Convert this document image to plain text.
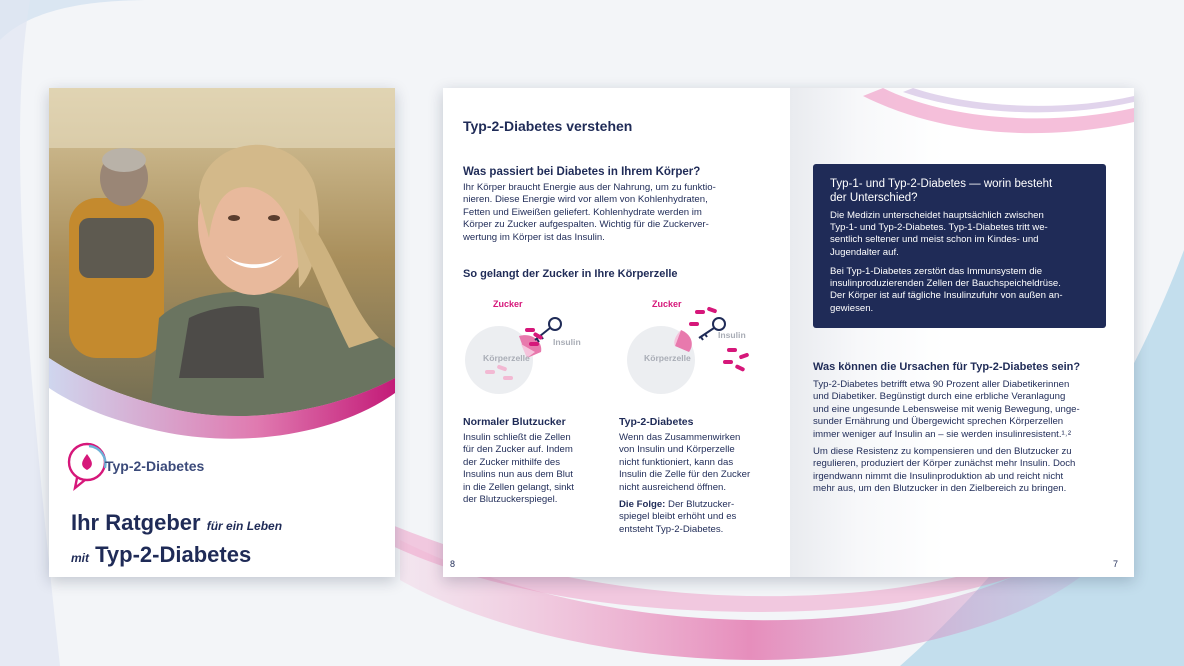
Typ-2-Diabetes
Ihr Ratgeber für ein Leben
mit Typ-2-Diabetes
Typ-2-Diabetes verstehen
Was passiert bei Diabetes in Ihrem Körper?
Ihr Körper braucht Energie aus der Nahrung, um zu funktio-
nieren. Diese Energie wird vor allem von Kohlenhydraten,
Fetten und Eiweißen geliefert. Kohlenhydrate werden im
Körper zu Zucker aufgespalten. Wichtig für die Zuckerver-
wertung im Körper ist das Insulin.
So gelangt der Zucker in Ihre Körperzelle
Zucker
Körperzelle
Insulin
Zucker
Körperzelle
Insulin
Normaler Blutzucker
Insulin schließt die Zellen
für den Zucker auf. Indem
der Zucker mithilfe des
Insulins nun aus dem Blut
in die Zellen gelangt, sinkt
der Blutzuckerspiegel.
Typ-2-Diabetes
Wenn das Zusammenwirken
von Insulin und Körperzelle
nicht funktioniert, kann das
Insulin die Zelle für den Zucker
nicht ausreichend öffnen.
Die Folge: Der Blutzucker-
spiegel bleibt erhöht und es
entsteht Typ-2-Diabetes.
8
Typ-1- und Typ-2-Diabetes — worin besteht
der Unterschied?
Die Medizin unterscheidet hauptsächlich zwischen
Typ-1- und Typ-2-Diabetes. Typ-1-Diabetes tritt we-
sentlich seltener und meist schon im Kindes- und
Jugendalter auf.
Bei Typ-1-Diabetes zerstört das Immunsystem die
insulinproduzierenden Zellen der Bauchspeicheldrüse.
Der Körper ist auf tägliche Insulinzufuhr von außen an-
gewiesen.
Was können die Ursachen für Typ-2-Diabetes sein?
Typ-2-Diabetes betrifft etwa 90 Prozent aller Diabetikerinnen
und Diabetiker. Begünstigt durch eine erbliche Veranlagung
und eine ungesunde Lebensweise mit wenig Bewegung, unge-
sunder Ernährung und Übergewicht sprechen Körperzellen
immer weniger auf Insulin an – sie werden insulinresistent.¹˒²
Um diese Resistenz zu kompensieren und den Blutzucker zu
regulieren, produziert der Körper zunächst mehr Insulin. Doch
irgendwann nimmt die Insulinproduktion ab und reicht nicht
mehr aus, um den Blutzucker in den Zielbereich zu bringen.
7
